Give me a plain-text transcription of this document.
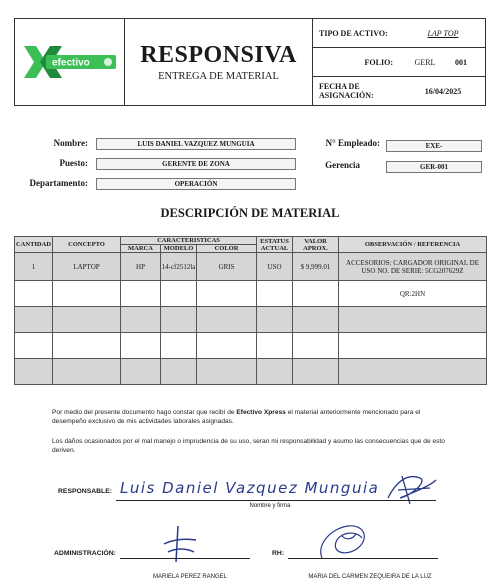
efectivo RESPONSIVA
ENTREGA DE MATERIAL
TIPO DE ACTIVO:	LAP TOP
FOLIO:	GERL	001
FECHA DE ASIGNACIÓN:	16/04/2025
Nombre:	LUIS DANIEL VAZQUEZ MUNGUIA
Puesto:	GERENTE DE ZONA
Departamento:	OPERACIÓN
N° Empleado:	EXE-
Gerencia	GER-001
DESCRIPCIÓN DE MATERIAL
CANTIDAD	CONCEPTO	CARACTERISTICAS			ESTATUS ACTUAL	VALOR APROX.	OBSERVACIÓN / REFERENCIA
		MARCA	MODELO	COLOR			
1	LAPTOP	HP	14-cf2512la	GRIS	USO	$ 9,999.01	ACCESORIOS: CARGADOR ORIGINAL DE USO NO. DE SERIE: 5CG207629Z
							QR:2HN

Por medio del presente documento hago constar que recibí de Efectivo Xpress el material anteriormente mencionado para el desempeño exclusivo de mis actividades laborales asignadas.
Los daños ocasionados por el mal manejo o imprudencia de su uso, seran mi responsabilidad y asumo las consecuencias que de esto deriven.
RESPONSABLE: Luis Daniel Vazquez Munguia
Nombre y firma
ADMINISTRACIÓN:
MARIELA PEREZ RANGEL
RH:
MARIA DEL CARMEN ZEQUEIRA DE LA LUZ
